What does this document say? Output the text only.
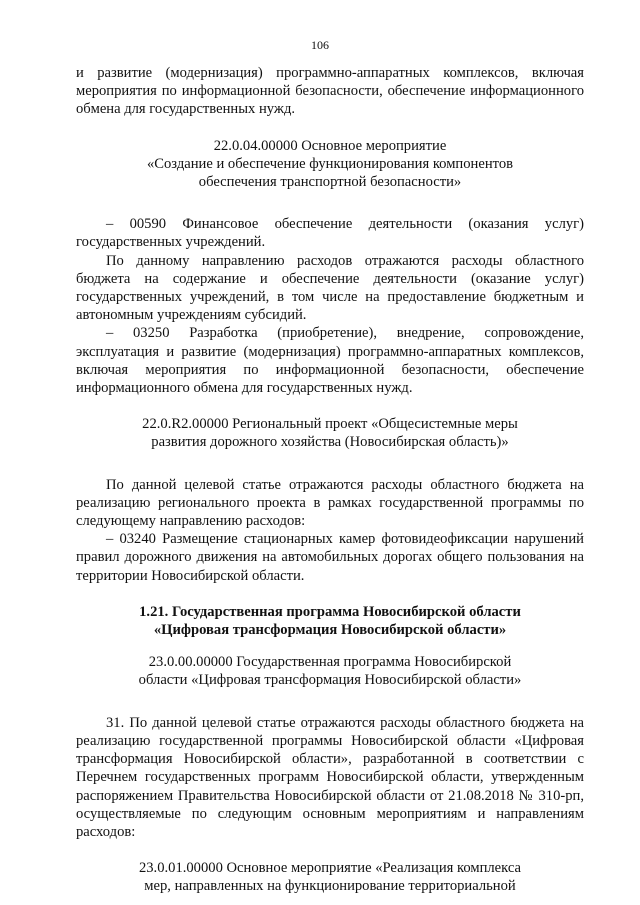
106

и развитие (модернизация) программно-аппаратных комплексов, включая мероприятия по информационной безопасности, обеспечение информационного обмена для государственных нужд.

22.0.04.00000 Основное мероприятие

«Создание и обеспечение функционирования компонентов

обеспечения транспортной безопасности»

– 00590 Финансовое обеспечение деятельности (оказания услуг) государственных учреждений.

По данному направлению расходов отражаются расходы областного бюджета на содержание и обеспечение деятельности (оказание услуг) государственных учреждений, в том числе на предоставление бюджетным и автономным учреждениям субсидий.

– 03250 Разработка (приобретение), внедрение, сопровождение, эксплуатация и развитие (модернизация) программно-аппаратных комплексов, включая мероприятия по информационной безопасности, обеспечение информационного обмена для государственных нужд.

22.0.R2.00000 Региональный проект «Общесистемные меры

развития дорожного хозяйства (Новосибирская область)»

По данной целевой статье отражаются расходы областного бюджета на реализацию регионального проекта в рамках государственной программы по следующему направлению расходов:

– 03240 Размещение стационарных камер фотовидеофиксации нарушений правил дорожного движения на автомобильных дорогах общего пользования на территории Новосибирской области.

1.21. Государственная программа Новосибирской области

«Цифровая трансформация Новосибирской области»

23.0.00.00000 Государственная программа Новосибирской

области «Цифровая трансформация Новосибирской области»

31. По данной целевой статье отражаются расходы областного бюджета на реализацию государственной программы Новосибирской области «Цифровая трансформация Новосибирской области», разработанной в соответствии с Перечнем государственных программ Новосибирской области, утвержденным распоряжением Правительства Новосибирской области от 21.08.2018 № 310-рп, осуществляемые по следующим основным мероприятиям и направлениям расходов:

23.0.01.00000 Основное мероприятие «Реализация комплекса

мер, направленных на функционирование территориальной
